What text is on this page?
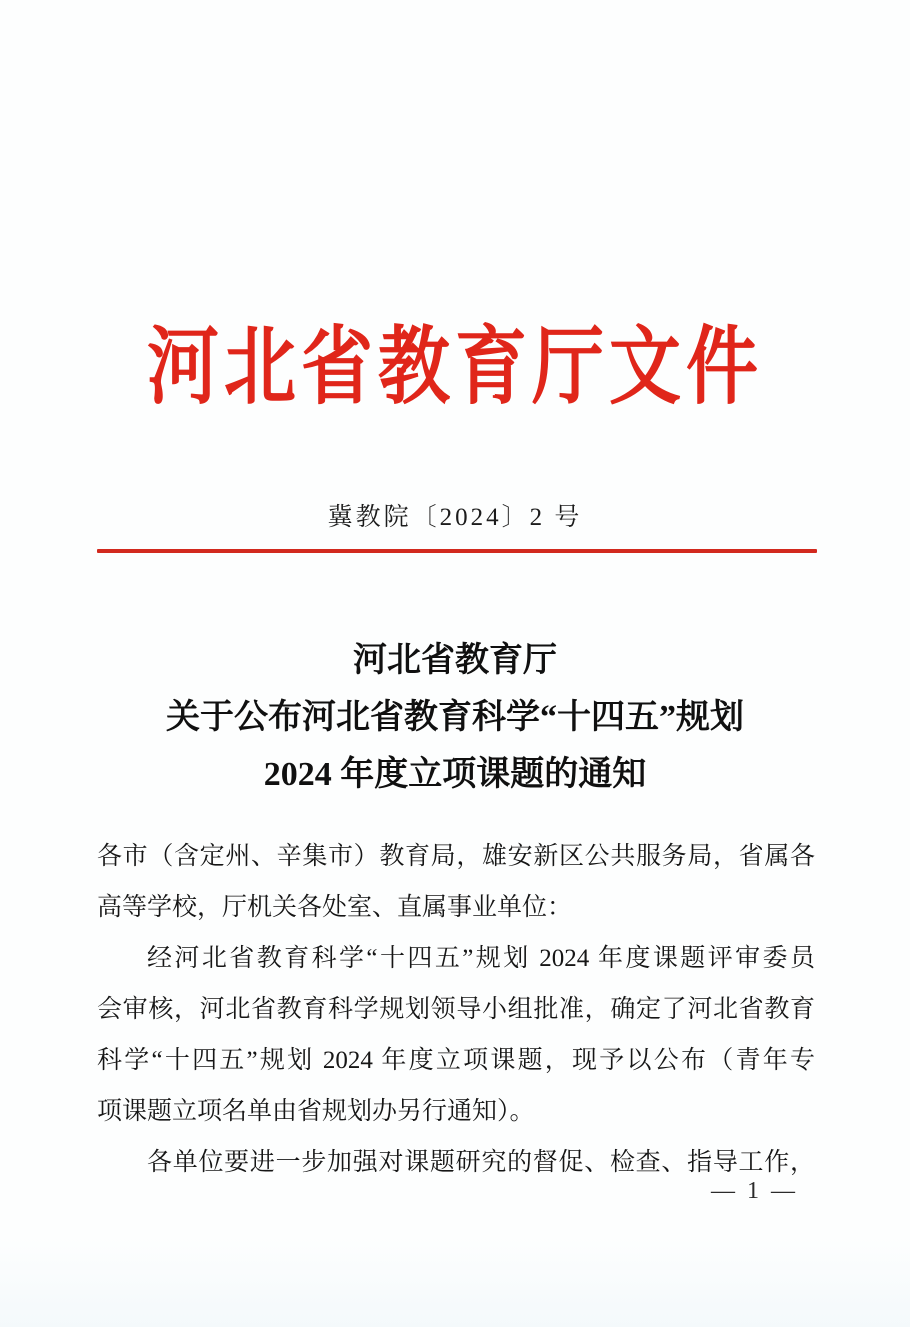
河北省教育厅文件
冀教院〔2024〕2 号
河北省教育厅
关于公布河北省教育科学“十四五”规划
2024 年度立项课题的通知
各市（含定州、辛集市）教育局，雄安新区公共服务局，省属各
高等学校，厅机关各处室、直属事业单位：
经河北省教育科学“十四五”规划 2024 年度课题评审委员
会审核，河北省教育科学规划领导小组批准，确定了河北省教育
科学“十四五”规划 2024 年度立项课题，现予以公布（青年专
项课题立项名单由省规划办另行通知）。
各单位要进一步加强对课题研究的督促、检查、指导工作，
— 1 —
